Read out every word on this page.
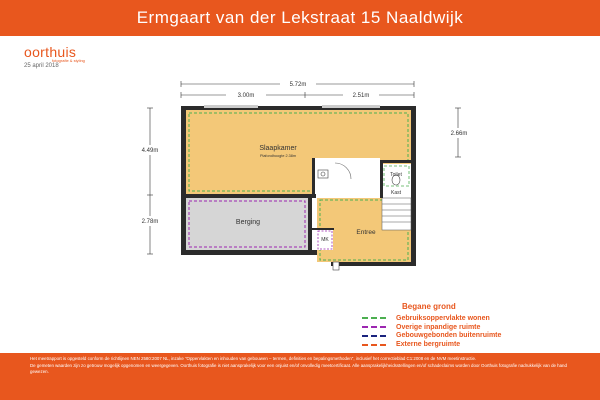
Ermgaart van der Lekstraat 15 Naaldwijk
oorthuis
fotografie & styling
25 april 2018
5.72m
3.00m	2.51m
4.49m
2.78m
2.66m
Slaapkamer
Plafondhoogte 2.38m
Berging
Toilet
Kast
MK
Entree
Begane grond
Gebruiksoppervlakte wonen
Overige inpandige ruimte
Gebouwgebonden buitenruimte
Externe bergruimte

Het meetrapport is opgesteld conform de richtlijnen NEN 2580:2007 NL, inzake "Oppervlakten en inhouden van gebouwen – termen, definities en bepalingsmethoden", inclusief het correctieblad C1:2008 en de NVM meetinstructie.

De gemeten waarden zijn zo getrouw mogelijk opgenomen en weergegeven. Oorthuis fotografie is niet aansprakelijk voor een onjuist en/of onvolledig meetcertificaat. Alle aansprakelijkheidsstellingen en/of schadeclaims worden door Oorthuis fotografie nadrukkelijk van de hand gewezen.
